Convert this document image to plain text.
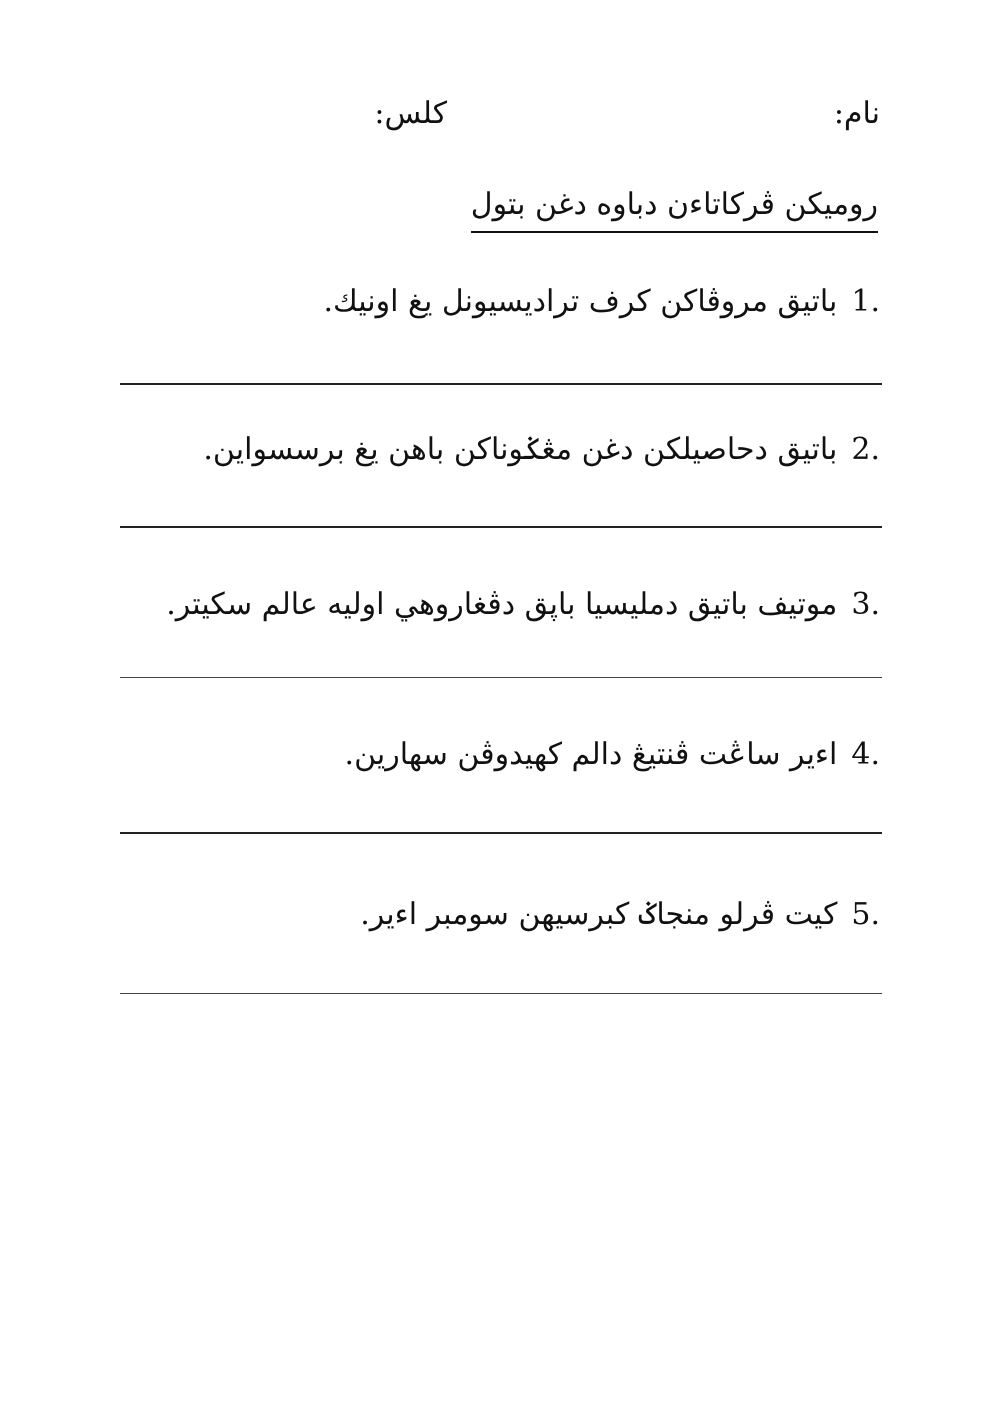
نام:
كلس:
روميكن ڤركاتاءن دباوه دغن بتول
1.
باتيق مروڤاكن کرف تراديسيونل يغ اونيك.
2.
باتيق دحاصيلکن دغن مڠݢوناکن باهن يغ برسسواين.
3.
موتيف باتيق دمليسيا باڽق دڤغاروهي اوليه عالم سکيتر.
4.
اءير ساڠت ڤنتيڠ دالم کهيدوڤن سهارين.
5.
کيت ڤرلو منجاݢ کبرسيهن سومبر اءير.
